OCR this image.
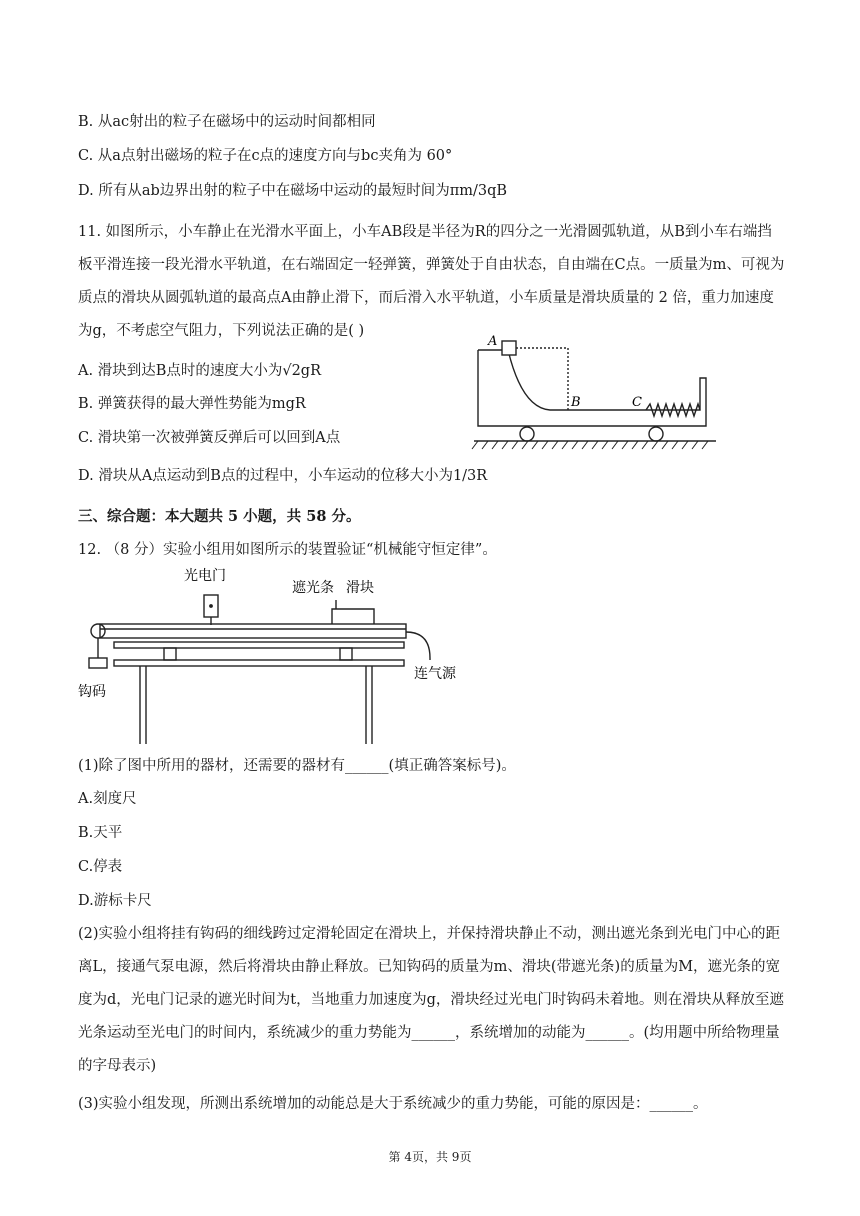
B. 从ac射出的粒子在磁场中的运动时间都相同
C. 从a点射出磁场的粒子在c点的速度方向与bc夹角为 60°
D. 所有从ab边界出射的粒子中在磁场中运动的最短时间为πm/3qB
11. 如图所示，小车静止在光滑水平面上，小车AB段是半径为R的四分之一光滑圆弧轨道，从B到小车右端挡板平滑连接一段光滑水平轨道，在右端固定一轻弹簧，弹簧处于自由状态，自由端在C点。一质量为m、可视为质点的滑块从圆弧轨道的最高点A由静止滑下，而后滑入水平轨道，小车质量是滑块质量的 2 倍，重力加速度为g，不考虑空气阻力，下列说法正确的是( )
A. 滑块到达B点时的速度大小为√2gR
B. 弹簧获得的最大弹性势能为mgR
C. 滑块第一次被弹簧反弹后可以回到A点
D. 滑块从A点运动到B点的过程中，小车运动的位移大小为1/3R
A
B	C
三、综合题：本大题共 5 小题，共 58 分。
12. （8 分）实验小组用如图所示的装置验证“机械能守恒定律”。
光电门
遮光条 滑块
连气源
钩码
(1)除了图中所用的器材，还需要的器材有______(填正确答案标号)。
A.刻度尺
B.天平
C.停表
D.游标卡尺
(2)实验小组将挂有钩码的细线跨过定滑轮固定在滑块上，并保持滑块静止不动，测出遮光条到光电门中心的距离L，接通气泵电源，然后将滑块由静止释放。已知钩码的质量为m、滑块(带遮光条)的质量为M，遮光条的宽度为d，光电门记录的遮光时间为t，当地重力加速度为g，滑块经过光电门时钩码未着地。则在滑块从释放至遮光条运动至光电门的时间内，系统减少的重力势能为______，系统增加的动能为______。(均用题中所给物理量的字母表示)
(3)实验小组发现，所测出系统增加的动能总是大于系统减少的重力势能，可能的原因是：______。
第 4页，共 9页
